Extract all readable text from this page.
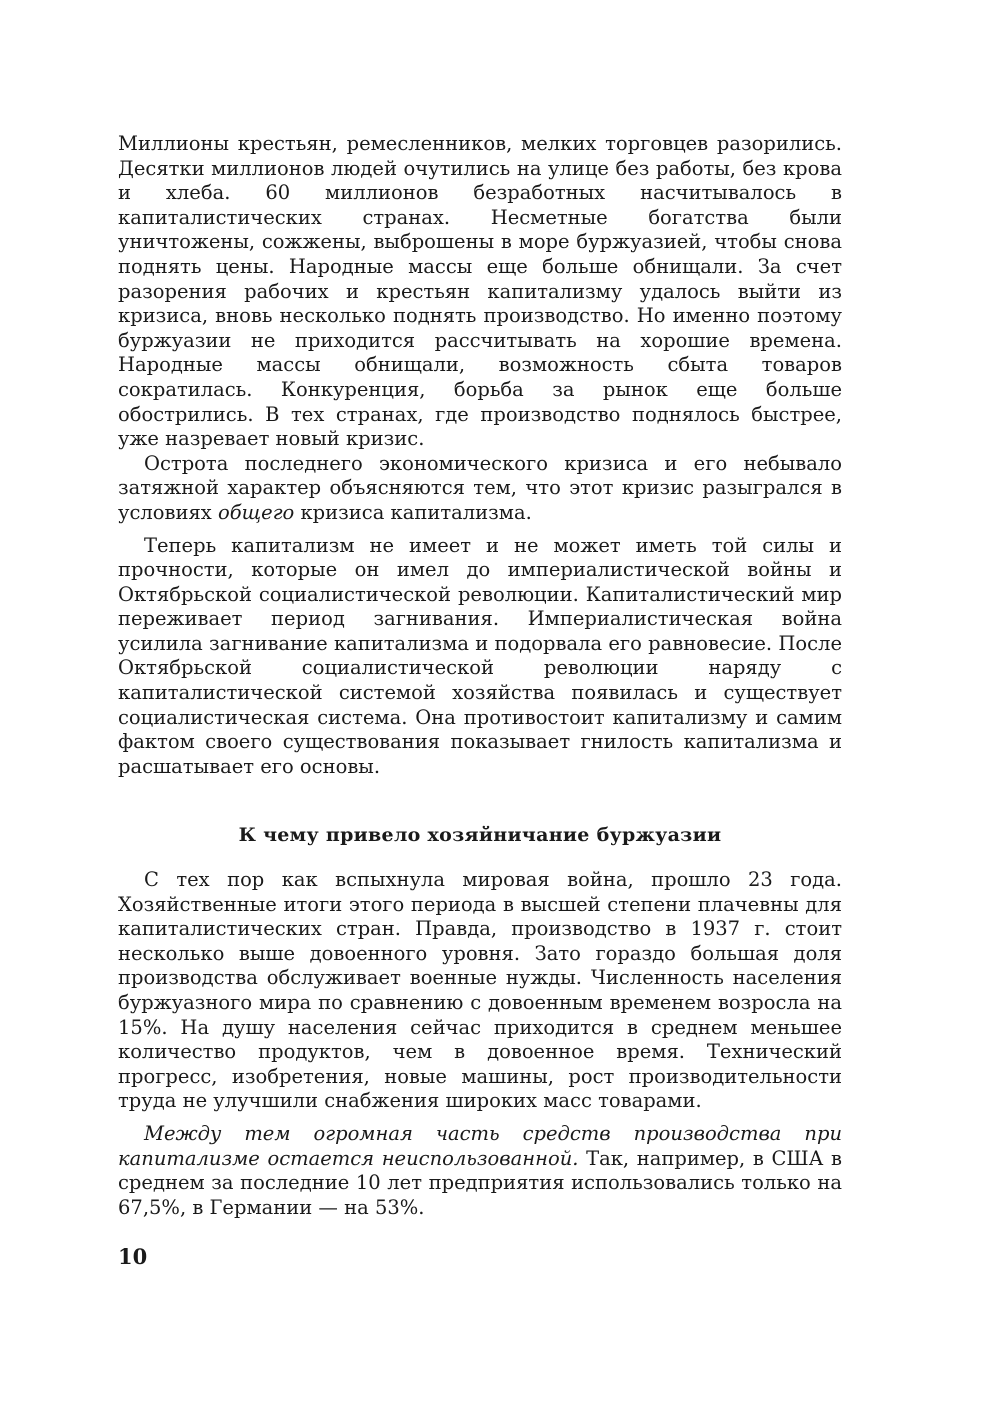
Миллионы крестьян, ремесленников, мелких торговцев разорились. Десятки миллионов людей очутились на улице без работы, без крова и хлеба. 60 миллионов безработных насчитывалось в капиталистических странах. Несметные богатства были уничтожены, сожжены, выброшены в море буржуазией, чтобы снова поднять цены. Народные массы еще больше обнищали. За счет разорения рабочих и крестьян капитализму удалось выйти из кризиса, вновь несколько поднять производство. Но именно поэтому буржуазии не приходится рассчитывать на хорошие времена. Народные массы обнищали, возможность сбыта товаров сократилась. Конкуренция, борьба за рынок еще больше обострились. В тех странах, где производство поднялось быстрее, уже назревает новый кризис.

Острота последнего экономического кризиса и его небывало затяжной характер объясняются тем, что этот кризис разыгрался в условиях общего кризиса капитализма.

Теперь капитализм не имеет и не может иметь той силы и прочности, которые он имел до империалистической войны и Октябрьской социалистической революции. Капиталистический мир переживает период загнивания. Империалистическая война усилила загнивание капитализма и подорвала его равновесие. После Октябрьской социалистической революции наряду с капиталистической системой хозяйства появилась и существует социалистическая система. Она противостоит капитализму и самим фактом своего существования показывает гнилость капитализма и расшатывает его основы.

К чему привело хозяйничание буржуазии

С тех пор как вспыхнула мировая война, прошло 23 года. Хозяйственные итоги этого периода в высшей степени плачевны для капиталистических стран. Правда, производство в 1937 г. стоит несколько выше довоенного уровня. Зато гораздо большая доля производства обслуживает военные нужды. Численность населения буржуазного мира по сравнению с довоенным временем возросла на 15%. На душу населения сейчас приходится в среднем меньшее количество продуктов, чем в довоенное время. Технический прогресс, изобретения, новые машины, рост производительности труда не улучшили снабжения широких масс товарами.

Между тем огромная часть средств производства при капитализме остается неиспользованной. Так, например, в США в среднем за последние 10 лет предприятия использовались только на 67,5%, в Германии — на 53%.

10
